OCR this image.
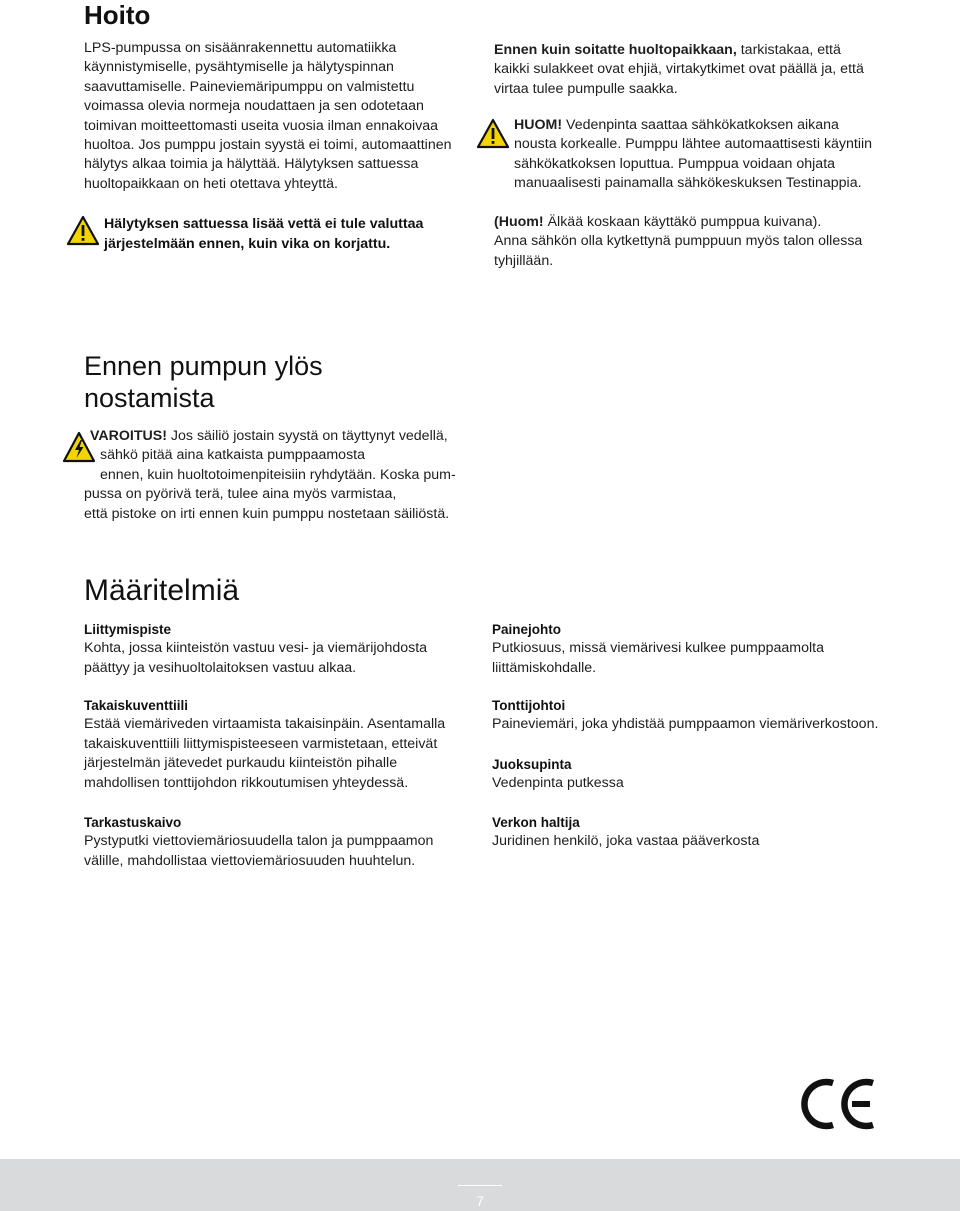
Hoito
LPS-pumpussa on sisäänrakennettu automatiikka
käynnistymiselle, pysähtymiselle ja hälytyspinnan
saavuttamiselle. Paineviemäripumppu on valmistettu
voimassa olevia normeja noudattaen ja sen odotetaan
toimivan moitteettomasti useita vuosia ilman ennakoivaa
huoltoa. Jos pumppu jostain syystä ei toimi, automaattinen
hälytys alkaa toimia ja hälyttää. Hälytyksen sattuessa
huoltopaikkaan on heti otettava yhteyttä.
Hälytyksen sattuessa lisää vettä ei tule valuttaa
järjestelmään ennen, kuin vika on korjattu.
Ennen kuin soitatte huoltopaikkaan, tarkistakaa, että
kaikki sulakkeet ovat ehjiä, virtakytkimet ovat päällä ja, että
virtaa tulee pumpulle saakka.
HUOM! Vedenpinta saattaa sähkökatkoksen aikana
nousta korkealle. Pumppu lähtee automaattisesti käyntiin
sähkökatkoksen loputtua. Pumppua voidaan ohjata
manuaalisesti painamalla sähkökeskuksen Testinappia.
(Huom! Älkää koskaan käyttäkö pumppua kuivana).
Anna sähkön olla kytkettynä pumppuun myös talon ollessa
tyhjillään.
Ennen pumpun ylös
nostamista
VAROITUS! Jos säiliö jostain syystä on täyttynyt vedellä,
sähkö pitää aina katkaista pumppaamosta
ennen, kuin huoltotoimenpiteisiin ryhdytään. Koska pum-
pussa on pyörivä terä, tulee aina myös varmistaa,
että pistoke on irti ennen kuin pumppu nostetaan säiliöstä.
Määritelmiä
Liittymispiste
Kohta, jossa kiinteistön vastuu vesi- ja viemärijohdosta
päättyy ja vesihuoltolaitoksen vastuu alkaa.
Takaiskuventtiili
Estää viemäriveden virtaamista takaisinpäin. Asentamalla
takaiskuventtiili liittymispisteeseen varmistetaan, etteivät
järjestelmän jätevedet purkaudu kiinteistön pihalle
mahdollisen tonttijohdon rikkoutumisen yhteydessä.
Tarkastuskaivo
Pystyputki viettoviemäriosuudella talon ja pumppaamon
välille, mahdollistaa viettoviemäriosuuden huuhtelun.
Painejohto
Putkiosuus, missä viemärivesi kulkee pumppaamolta
liittämiskohdalle.
Tonttijohtoi
Paineviemäri, joka yhdistää pumppaamon viemäriverkostoon.
Juoksupinta
Vedenpinta putkessa
Verkon haltija
Juridinen henkilö, joka vastaa pääverkosta
7
